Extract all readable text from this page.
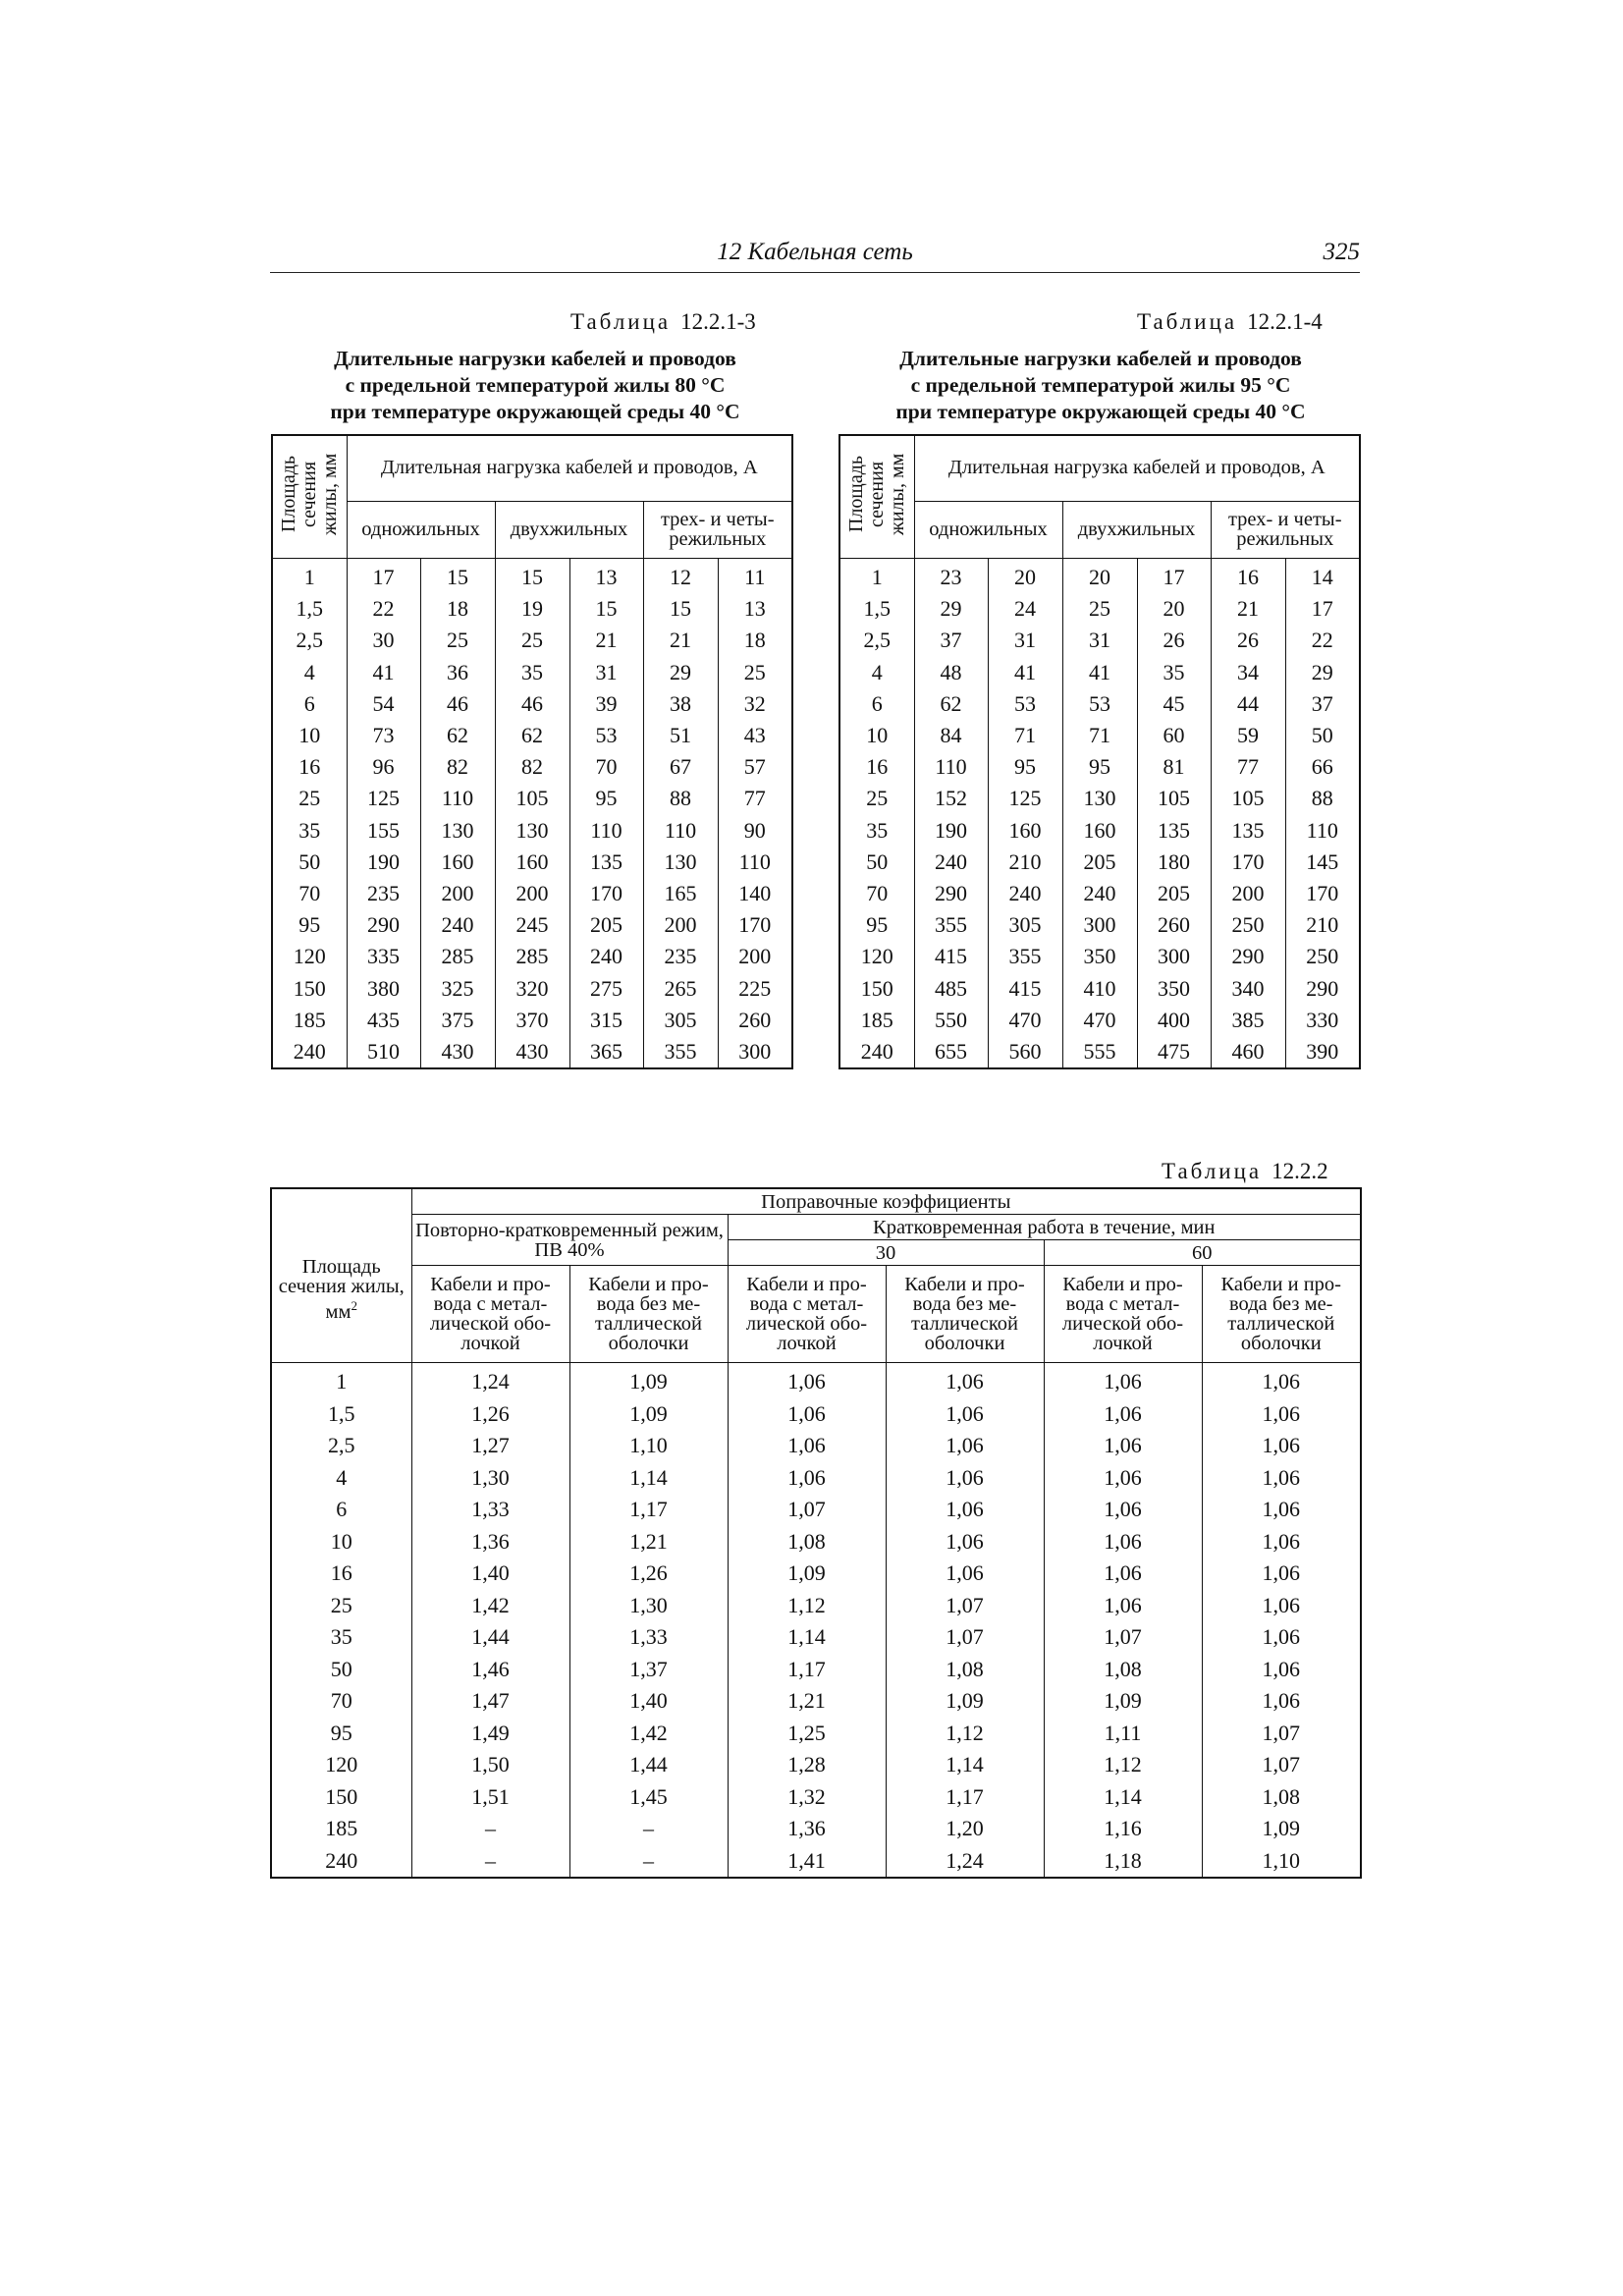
12 Кабельная сеть	325
Таблица 12.2.1-3
Длительные нагрузки кабелей и проводов
с предельной температурой жилы 80 °С
при температуре окружающей среды 40 °С
Площадь сечения жилы, мм	Длительная нагрузка кабелей и проводов, А					
	одножильных		двухжильных		трех- и четы-режильных	
1	17	15	15	13	12	11
1,5	22	18	19	15	15	13
2,5	30	25	25	21	21	18
4	41	36	35	31	29	25
6	54	46	46	39	38	32
10	73	62	62	53	51	43
16	96	82	82	70	67	57
25	125	110	105	95	88	77
35	155	130	130	110	110	90
50	190	160	160	135	130	110
70	235	200	200	170	165	140
95	290	240	245	205	200	170
120	335	285	285	240	235	200
150	380	325	320	275	265	225
185	435	375	370	315	305	260
240	510	430	430	365	355	300
Таблица 12.2.1-4
Длительные нагрузки кабелей и проводов
с предельной температурой жилы 95 °С
при температуре окружающей среды 40 °С
Площадь сечения жилы, мм	Длительная нагрузка кабелей и проводов, А					
	одножильных		двухжильных		трех- и четы-режильных	
1	23	20	20	17	16	14
1,5	29	24	25	20	21	17
2,5	37	31	31	26	26	22
4	48	41	41	35	34	29
6	62	53	53	45	44	37
10	84	71	71	60	59	50
16	110	95	95	81	77	66
25	152	125	130	105	105	88
35	190	160	160	135	135	110
50	240	210	205	180	170	145
70	290	240	240	205	200	170
95	355	305	300	260	250	210
120	415	355	350	300	290	250
150	485	415	410	350	340	290
185	550	470	470	400	385	330
240	655	560	555	475	460	390
Таблица 12.2.2
Площадь сечения жилы, $мм^2$	Поправочные коэффициенты					
	Повторно-кратковременный режим, ПВ 40%		Кратковременная работа в течение, мин			
			30		60	
	Кабели и про-вода с метал-лической обо-лочкой	Кабели и про-вода без ме-таллической оболочки	Кабели и про-вода с метал-лической обо-лочкой	Кабели и про-вода без ме-таллической оболочки	Кабели и про-вода с метал-лической обо-лочкой	Кабели и про-вода без ме-таллической оболочки
1	1,24	1,09	1,06	1,06	1,06	1,06
1,5	1,26	1,09	1,06	1,06	1,06	1,06
2,5	1,27	1,10	1,06	1,06	1,06	1,06
4	1,30	1,14	1,06	1,06	1,06	1,06
6	1,33	1,17	1,07	1,06	1,06	1,06
10	1,36	1,21	1,08	1,06	1,06	1,06
16	1,40	1,26	1,09	1,06	1,06	1,06
25	1,42	1,30	1,12	1,07	1,06	1,06
35	1,44	1,33	1,14	1,07	1,07	1,06
50	1,46	1,37	1,17	1,08	1,08	1,06
70	1,47	1,40	1,21	1,09	1,09	1,06
95	1,49	1,42	1,25	1,12	1,11	1,07
120	1,50	1,44	1,28	1,14	1,12	1,07
150	1,51	1,45	1,32	1,17	1,14	1,08
185	–	–	1,36	1,20	1,16	1,09
240	–	–	1,41	1,24	1,18	1,10
